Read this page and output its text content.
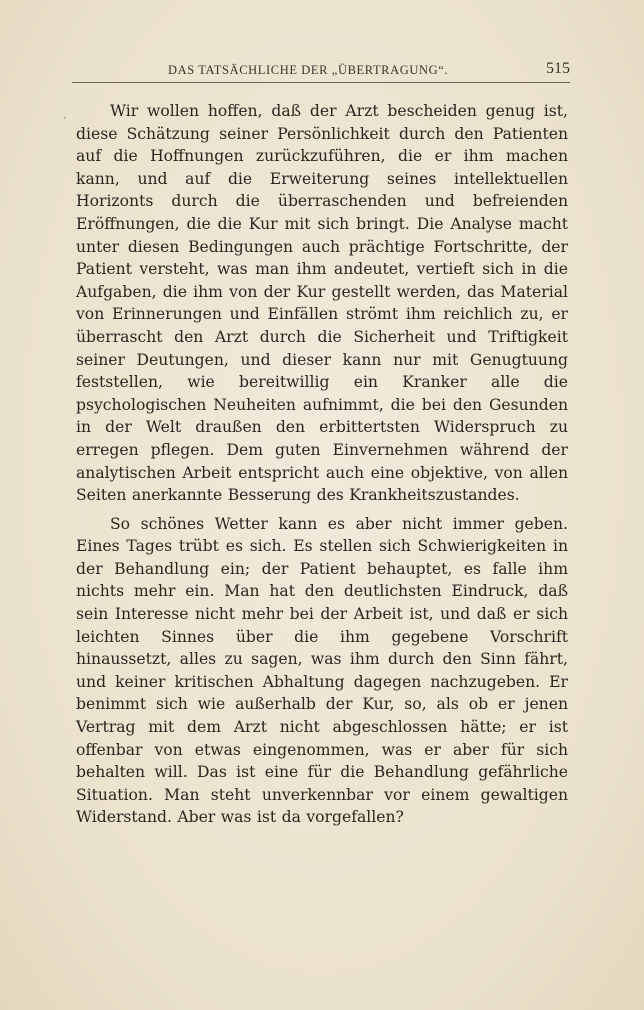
DAS TATSÄCHLICHE DER „ÜBERTRAGUNG“.	515
ʼ

Wir wollen hoffen, daß der Arzt bescheiden genug ist, diese Schätzung seiner Persönlichkeit durch den Patienten auf die Hoffnungen zurückzuführen, die er ihm machen kann, und auf die Erweiterung seines intellektuellen Horizonts durch die überraschenden und befreienden Eröffnungen, die die Kur mit sich bringt. Die Analyse macht unter diesen Bedingungen auch prächtige Fortschritte, der Patient versteht, was man ihm andeutet, vertieft sich in die Aufgaben, die ihm von der Kur gestellt werden, das Material von Erinnerungen und Einfällen strömt ihm reichlich zu, er überrascht den Arzt durch die Sicherheit und Triftigkeit seiner Deutungen, und dieser kann nur mit Genugtuung feststellen, wie bereitwillig ein Kranker alle die psychologischen Neuheiten aufnimmt, die bei den Gesunden in der Welt draußen den erbittertsten Widerspruch zu erregen pflegen. Dem guten Einvernehmen während der analytischen Arbeit entspricht auch eine objektive, von allen Seiten anerkannte Besserung des Krankheitszustandes.

So schönes Wetter kann es aber nicht immer geben. Eines Tages trübt es sich. Es stellen sich Schwierigkeiten in der Behandlung ein; der Patient behauptet, es falle ihm nichts mehr ein. Man hat den deutlichsten Eindruck, daß sein Interesse nicht mehr bei der Arbeit ist, und daß er sich leichten Sinnes über die ihm gegebene Vorschrift hinaussetzt, alles zu sagen, was ihm durch den Sinn fährt, und keiner kritischen Abhaltung dagegen nachzugeben. Er benimmt sich wie außerhalb der Kur, so, als ob er jenen Vertrag mit dem Arzt nicht abgeschlossen hätte; er ist offenbar von etwas eingenommen, was er aber für sich behalten will. Das ist eine für die Behandlung gefährliche Situation. Man steht unverkennbar vor einem gewaltigen Widerstand. Aber was ist da vorgefallen?
